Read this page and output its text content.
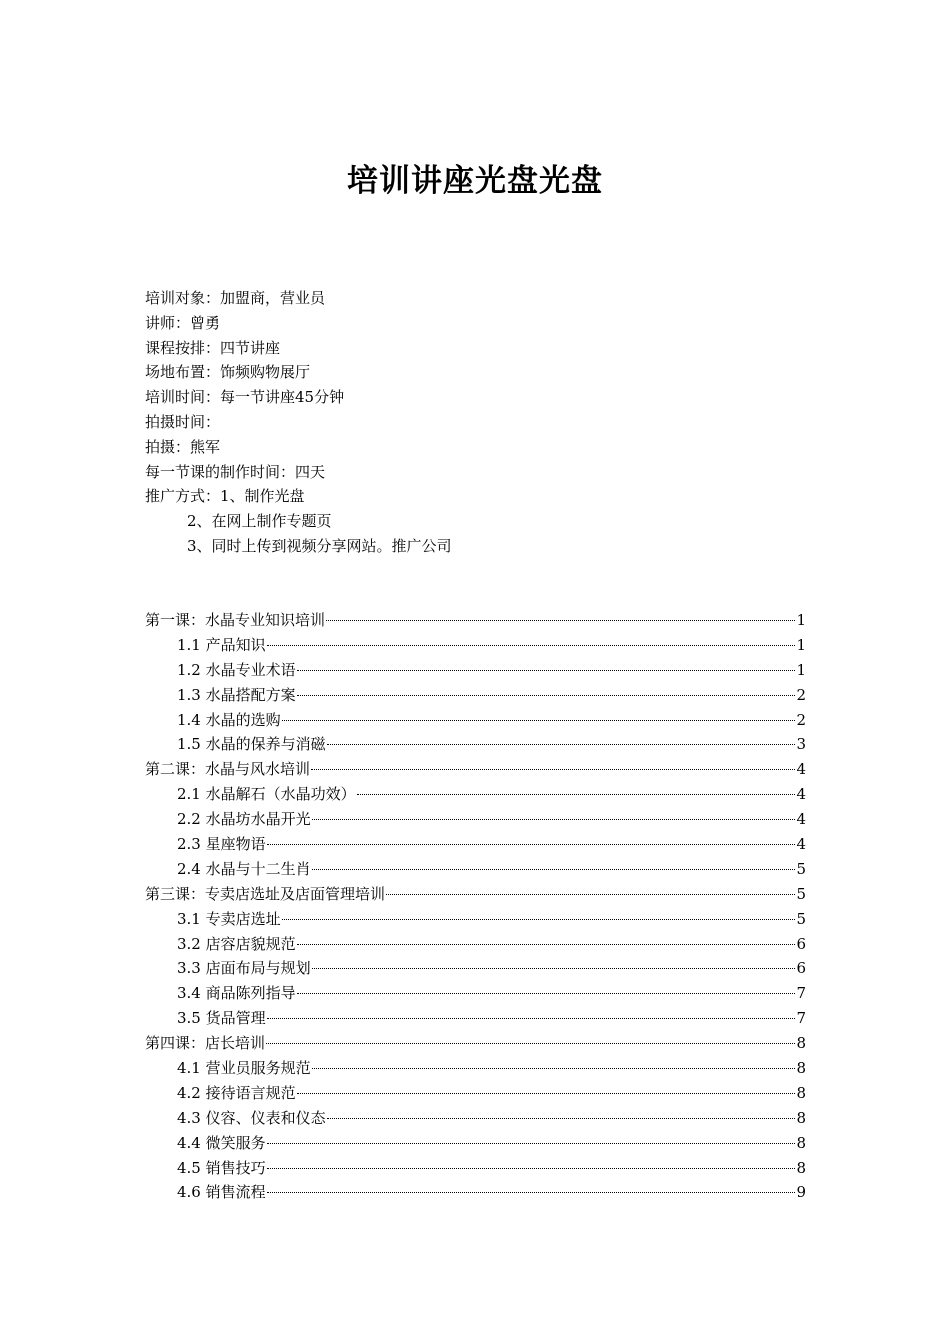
培训讲座光盘光盘
培训对象：加盟商，营业员
讲师：曾勇
课程按排：四节讲座
场地布置：饰频购物展厅
培训时间：每一节讲座45分钟
拍摄时间：
拍摄：熊军
每一节课的制作时间：四天
推广方式：1、制作光盘
2、在网上制作专题页
3、同时上传到视频分享网站。推广公司
第一课：水晶专业知识培训	1
1.1 产品知识	1
1.2 水晶专业术语	1
1.3 水晶搭配方案	2
1.4 水晶的选购	2
1.5 水晶的保养与消磁	3
第二课：水晶与风水培训	4
2.1 水晶解石（水晶功效）	4
2.2 水晶坊水晶开光	4
2.3 星座物语	4
2.4 水晶与十二生肖	5
第三课：专卖店选址及店面管理培训	5
3.1 专卖店选址	5
3.2 店容店貌规范	6
3.3 店面布局与规划	6
3.4 商品陈列指导	7
3.5 货品管理	7
第四课：店长培训	8
4.1 营业员服务规范	8
4.2 接待语言规范	8
4.3 仪容、仪表和仪态	8
4.4 微笑服务	8
4.5 销售技巧	8
4.6 销售流程	9
